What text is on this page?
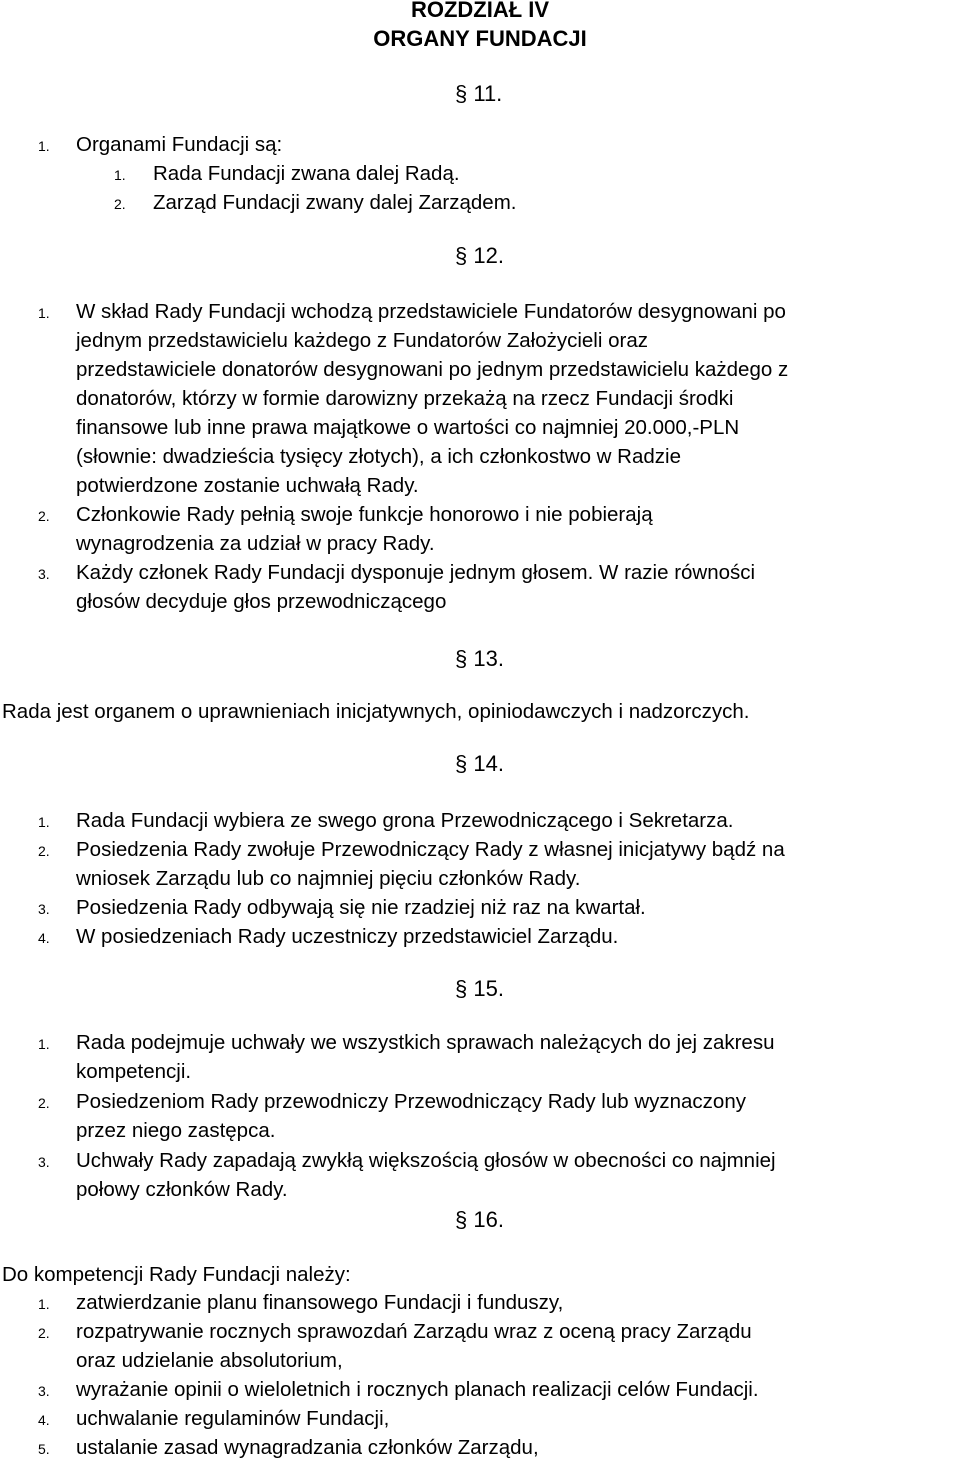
ROZDZIAŁ IV
ORGANY FUNDACJI
§ 11.
1. Organami Fundacji są:
1. Rada Fundacji zwana dalej Radą.
2. Zarząd Fundacji zwany dalej Zarządem.
§ 12.
1. W skład Rady Fundacji wchodzą przedstawiciele Fundatorów desygnowani po
jednym przedstawicielu każdego z Fundatorów Założycieli oraz
przedstawiciele donatorów desygnowani po jednym przedstawicielu każdego z
donatorów, którzy w formie darowizny przekażą na rzecz Fundacji środki
finansowe lub inne prawa majątkowe o wartości co najmniej 20.000,-PLN
(słownie: dwadzieścia tysięcy złotych), a ich członkostwo w Radzie
potwierdzone zostanie uchwałą Rady.
2. Członkowie Rady pełnią swoje funkcje honorowo i nie pobierają
wynagrodzenia za udział w pracy Rady.
3. Każdy członek Rady Fundacji dysponuje jednym głosem. W razie równości
głosów decyduje głos przewodniczącego
§ 13.
Rada jest organem o uprawnieniach inicjatywnych, opiniodawczych i nadzorczych.
§ 14.
1. Rada Fundacji wybiera ze swego grona Przewodniczącego i Sekretarza.
2. Posiedzenia Rady zwołuje Przewodniczący Rady z własnej inicjatywy bądź na
wniosek Zarządu lub co najmniej pięciu członków Rady.
3. Posiedzenia Rady odbywają się nie rzadziej niż raz na kwartał.
4. W posiedzeniach Rady uczestniczy przedstawiciel Zarządu.
§ 15.
1. Rada podejmuje uchwały we wszystkich sprawach należących do jej zakresu
kompetencji.
2. Posiedzeniom Rady przewodniczy Przewodniczący Rady lub wyznaczony
przez niego zastępca.
3. Uchwały Rady zapadają zwykłą większością głosów w obecności co najmniej
połowy członków Rady.
§ 16.
Do kompetencji Rady Fundacji należy:
1. zatwierdzanie planu finansowego Fundacji i funduszy,
2. rozpatrywanie rocznych sprawozdań Zarządu wraz z oceną pracy Zarządu
oraz udzielanie absolutorium,
3. wyrażanie opinii o wieloletnich i rocznych planach realizacji celów Fundacji.
4. uchwalanie regulaminów Fundacji,
5. ustalanie zasad wynagradzania członków Zarządu,
